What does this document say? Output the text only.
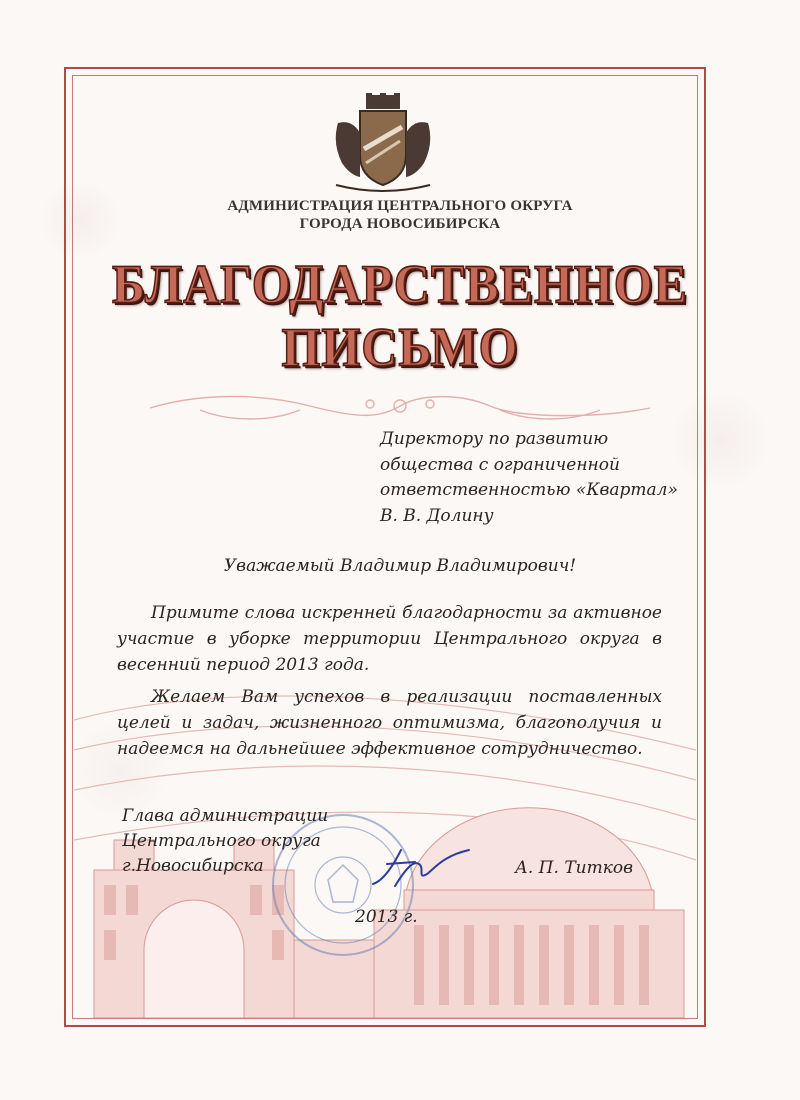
АДМИНИСТРАЦИЯ ЦЕНТРАЛЬНОГО ОКРУГА
ГОРОДА НОВОСИБИРСКА
БЛАГОДАРСТВЕННОЕ
ПИСЬМО
Директору по развитию
общества с ограниченной
ответственностью «Квартал»
В. В. Долину
Уважаемый Владимир Владимирович!
Примите слова искренней благодарности за активное участие в уборке территории Центрального округа в весенний период 2013 года.
Желаем Вам успехов в реализации поставленных целей и задач, жизненного оптимизма, благополучия и надеемся на дальнейшее эффективное сотрудничество.
Глава администрации
Центрального округа
г.Новосибирска	А. П. Титков
2013 г.
